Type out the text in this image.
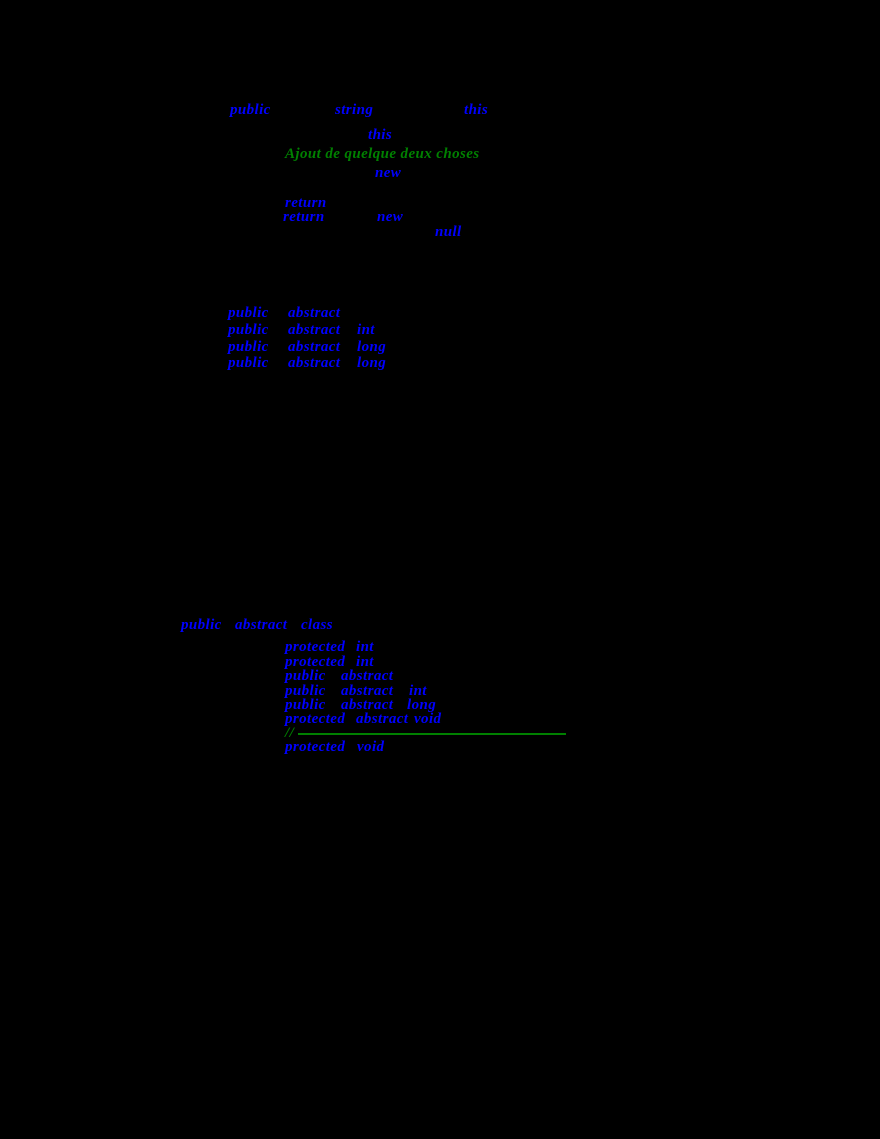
public	string	this
this
Ajout de quelque deux choses
new
return
return	new
null
public abstract
public abstract int
public abstract long
public abstract long
public abstract class
protected int
protected int
public abstract
public abstract int
public abstract long
protected abstract void
//
protected void
